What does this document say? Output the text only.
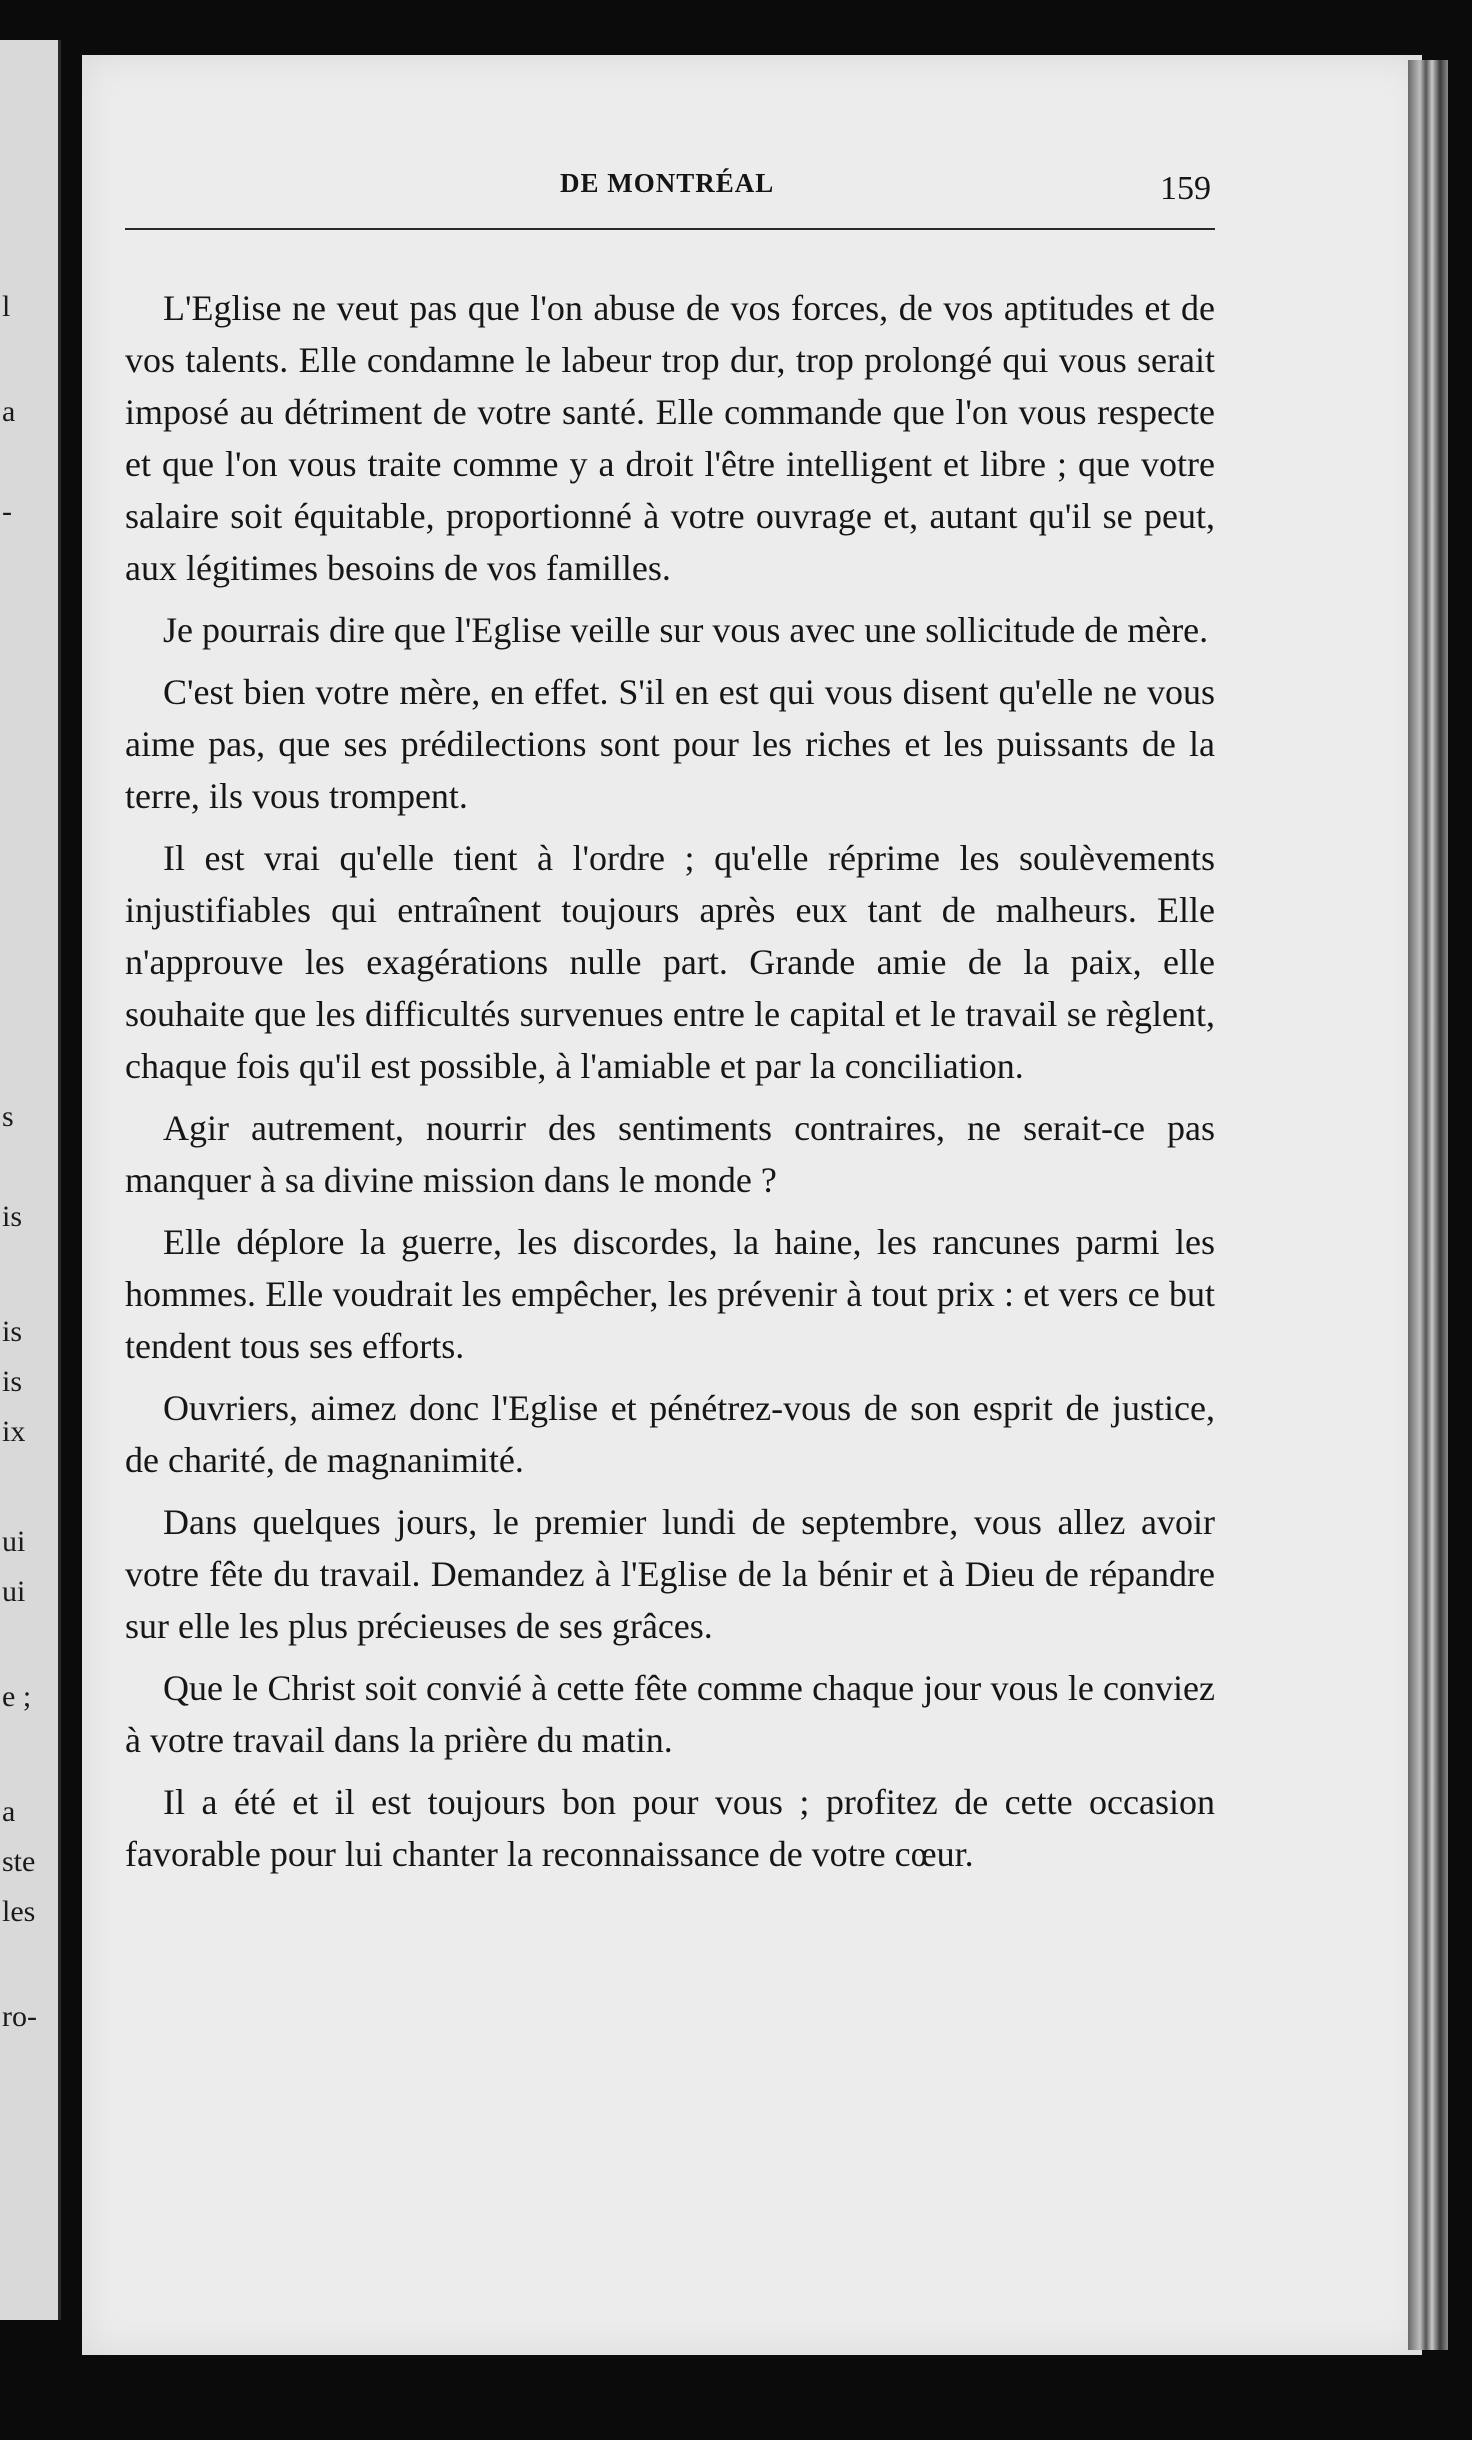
l
a
-
s
is
is
is
ix
ui
ui
e ;
a
ste
les
ro-
DE MONTRÉAL	159

L'Eglise ne veut pas que l'on abuse de vos forces, de vos aptitudes et de vos talents. Elle condamne le labeur trop dur, trop prolongé qui vous serait imposé au détriment de votre santé. Elle commande que l'on vous respecte et que l'on vous traite comme y a droit l'être intelligent et libre ; que votre salaire soit équitable, proportionné à votre ouvrage et, autant qu'il se peut, aux légitimes besoins de vos familles.

Je pourrais dire que l'Eglise veille sur vous avec une sollicitude de mère.

C'est bien votre mère, en effet. S'il en est qui vous disent qu'elle ne vous aime pas, que ses prédilections sont pour les riches et les puissants de la terre, ils vous trompent.

Il est vrai qu'elle tient à l'ordre ; qu'elle réprime les soulèvements injustifiables qui entraînent toujours après eux tant de malheurs. Elle n'approuve les exagérations nulle part. Grande amie de la paix, elle souhaite que les difficultés survenues entre le capital et le travail se règlent, chaque fois qu'il est possible, à l'amiable et par la conciliation.

Agir autrement, nourrir des sentiments contraires, ne serait-ce pas manquer à sa divine mission dans le monde ?

Elle déplore la guerre, les discordes, la haine, les rancunes parmi les hommes. Elle voudrait les empêcher, les prévenir à tout prix : et vers ce but tendent tous ses efforts.

Ouvriers, aimez donc l'Eglise et pénétrez-vous de son esprit de justice, de charité, de magnanimité.

Dans quelques jours, le premier lundi de septembre, vous allez avoir votre fête du travail. Demandez à l'Eglise de la bénir et à Dieu de répandre sur elle les plus précieuses de ses grâces.

Que le Christ soit convié à cette fête comme chaque jour vous le conviez à votre travail dans la prière du matin.

Il a été et il est toujours bon pour vous ; profitez de cette occasion favorable pour lui chanter la reconnaissance de votre cœur.
